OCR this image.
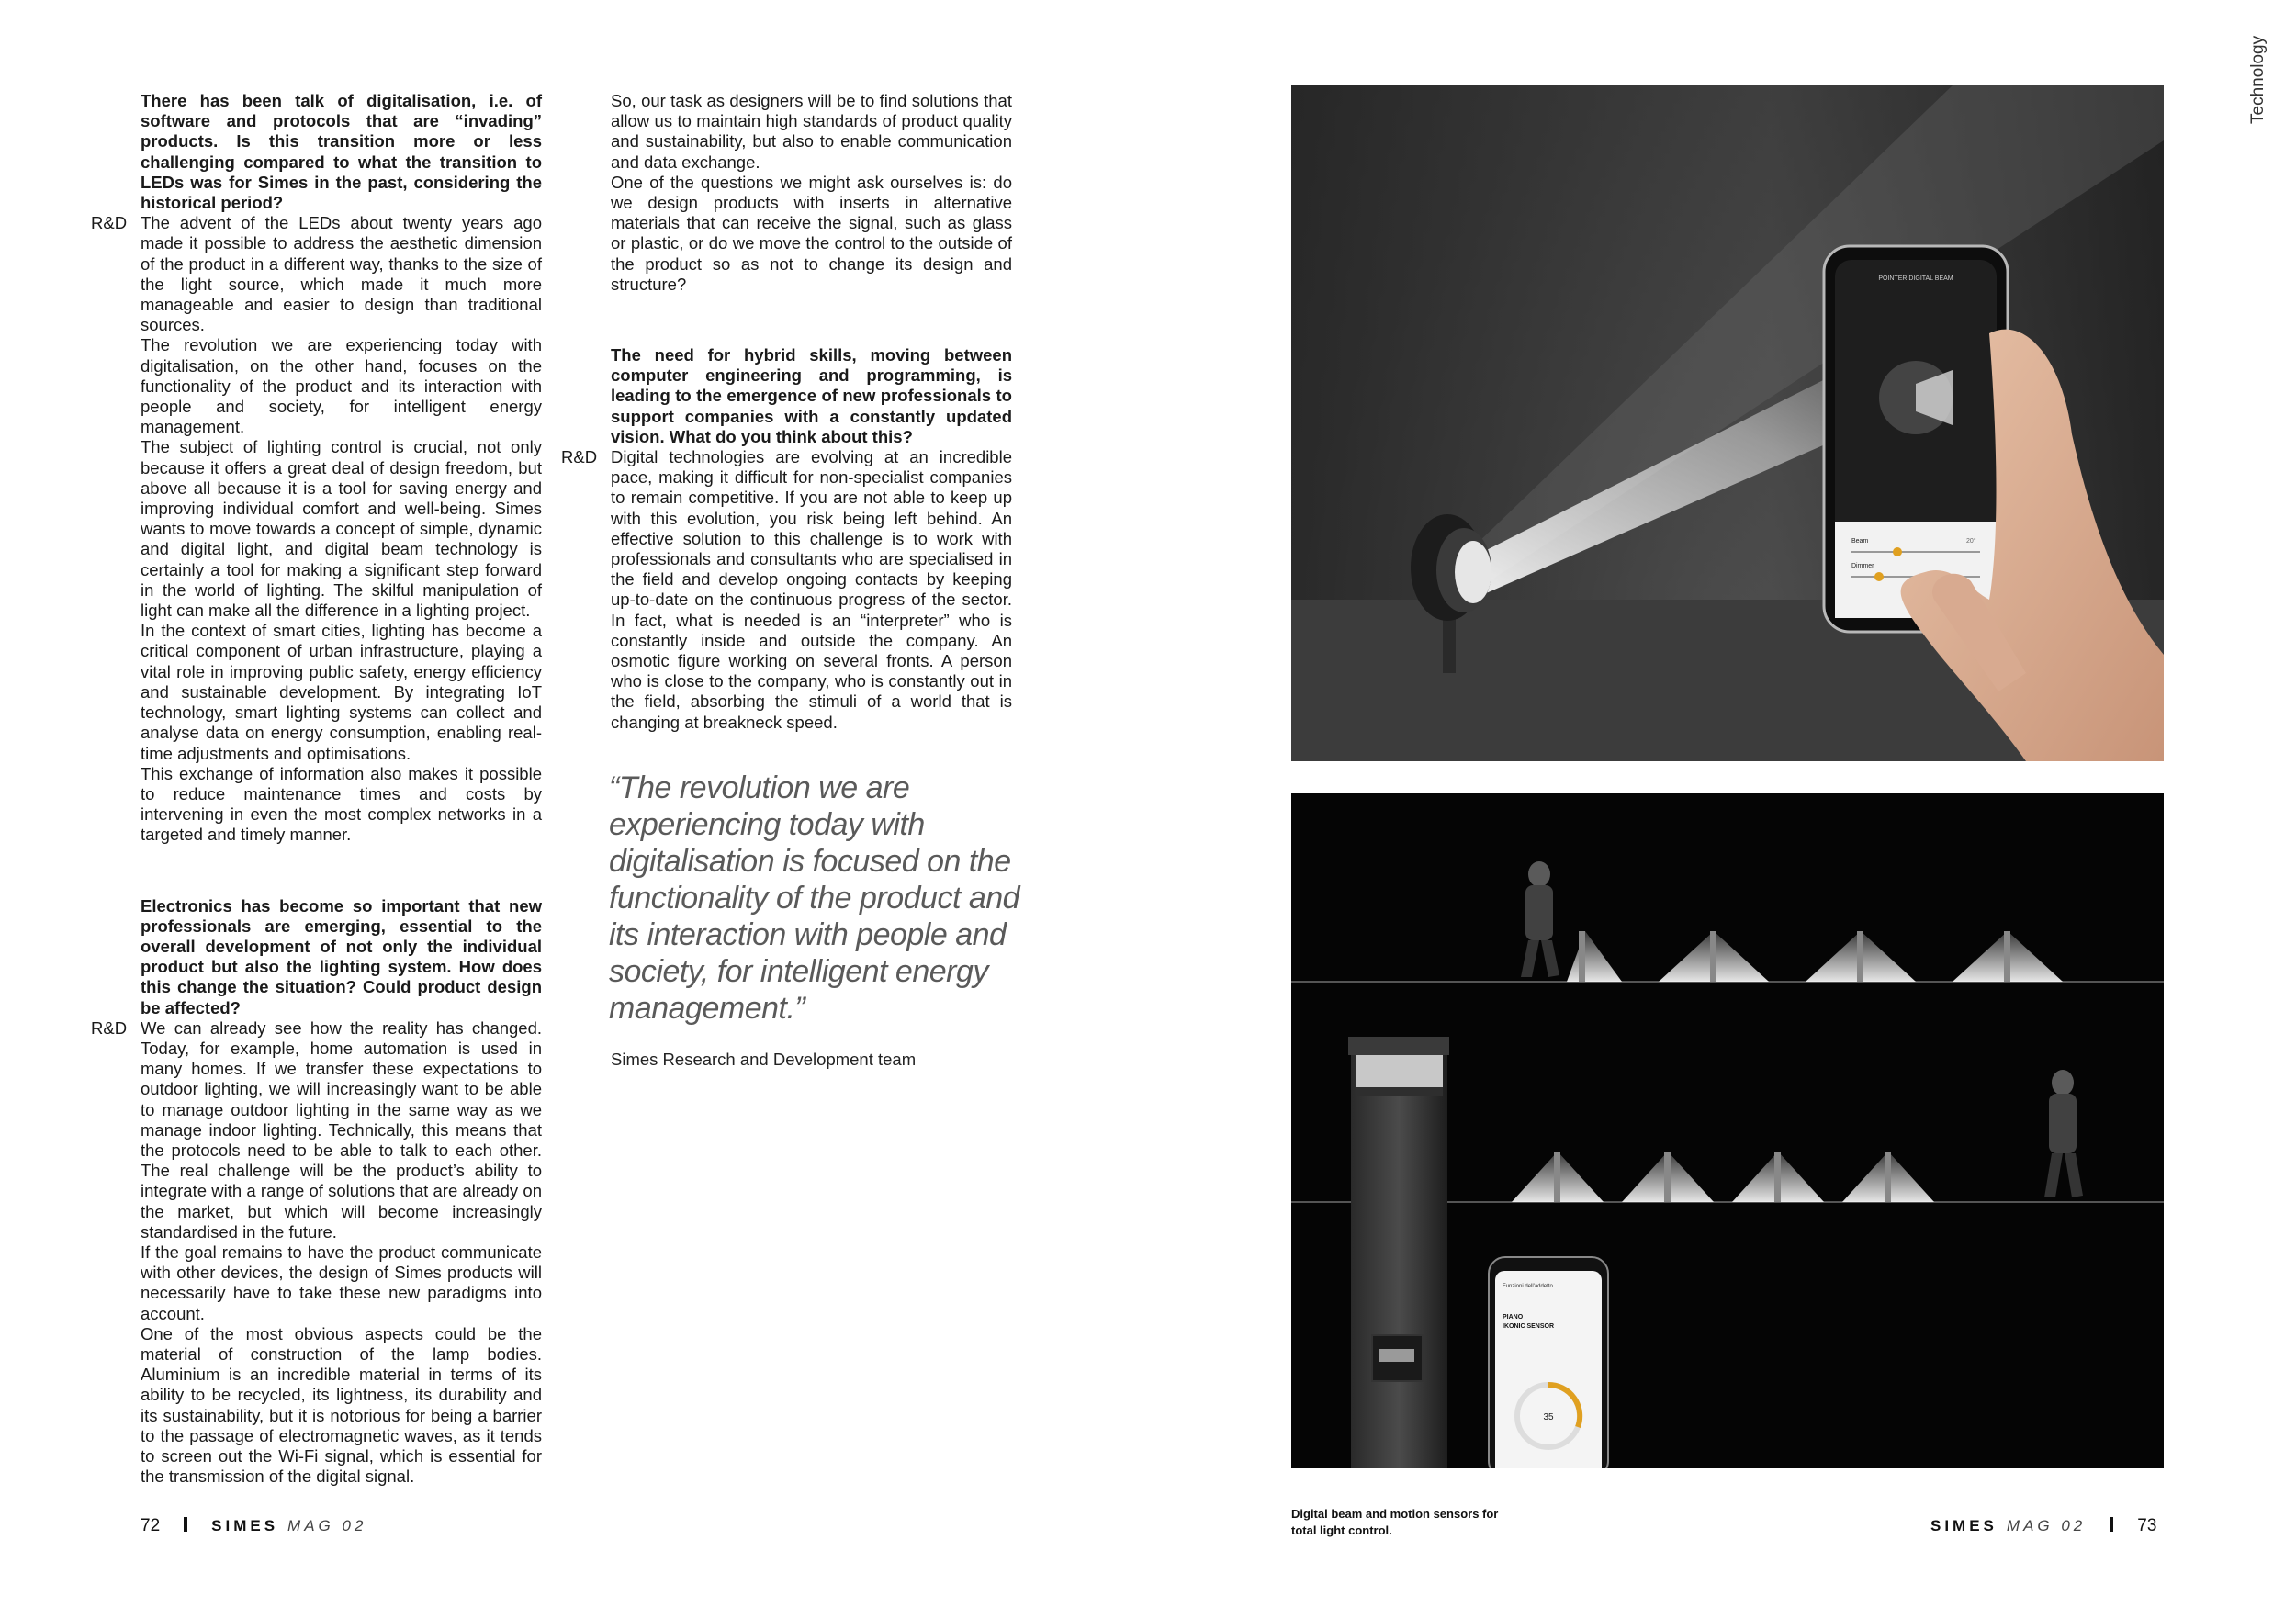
There has been talk of digitalisation, i.e. of software and protocols that are “invading” products. Is this transition more or less challenging compared to what the transition to LEDs was for Simes in the past, considering the historical period?

R&D The advent of the LEDs about twenty years ago made it possible to address the aesthetic dimension of the product in a different way, thanks to the size of the light source, which made it much more manageable and easier to design than traditional sources.

The revolution we are experiencing today with digitalisation, on the other hand, focuses on the functionality of the product and its interaction with people and society, for intelligent energy management.

The subject of lighting control is crucial, not only because it offers a great deal of design freedom, but above all because it is a tool for saving energy and improving individual comfort and well-being. Simes wants to move towards a concept of simple, dynamic and digital light, and digital beam technology is certainly a tool for making a significant step forward in the world of lighting. The skilful manipulation of light can make all the difference in a lighting project.

In the context of smart cities, lighting has become a critical component of urban infrastructure, playing a vital role in improving public safety, energy efficiency and sustainable development. By integrating IoT technology, smart lighting systems can collect and analyse data on energy consumption, enabling real-time adjustments and optimisations.

This exchange of information also makes it possible to reduce maintenance times and costs by intervening in even the most complex networks in a targeted and timely manner.

Electronics has become so important that new professionals are emerging, essential to the overall development of not only the individual product but also the lighting system. How does this change the situation? Could product design be affected?

R&D We can already see how the reality has changed. Today, for example, home automation is used in many homes. If we transfer these expectations to outdoor lighting, we will increasingly want to be able to manage outdoor lighting in the same way as we manage indoor lighting. Technically, this means that the protocols need to be able to talk to each other. The real challenge will be the product’s ability to integrate with a range of solutions that are already on the market, but which will become increasingly standardised in the future.

If the goal remains to have the product communicate with other devices, the design of Simes products will necessarily have to take these new paradigms into account.

One of the most obvious aspects could be the material of construction of the lamp bodies. Aluminium is an incredible material in terms of its ability to be recycled, its lightness, its durability and its sustainability, but it is notorious for being a barrier to the passage of electromagnetic waves, as it tends to screen out the Wi-Fi signal, which is essential for the transmission of the digital signal.

So, our task as designers will be to find solutions that allow us to maintain high standards of product quality and sustainability, but also to enable communication and data exchange.

One of the questions we might ask ourselves is: do we design products with inserts in alternative materials that can receive the signal, such as glass or plastic, or do we move the control to the outside of the product so as not to change its design and structure?

The need for hybrid skills, moving between computer engineering and programming, is leading to the emergence of new professionals to support companies with a constantly updated vision. What do you think about this?

R&D Digital technologies are evolving at an incredible pace, making it difficult for non-specialist companies to remain competitive. If you are not able to keep up with this evolution, you risk being left behind. An effective solution to this challenge is to work with professionals and consultants who are specialised in the field and develop ongoing contacts by keeping up-to-date on the continuous progress of the sector. In fact, what is needed is an “interpreter” who is constantly inside and outside the company. An osmotic figure working on several fronts. A person who is close to the company, who is constantly out in the field, absorbing the stimuli of a world that is changing at breakneck speed.

“The revolution we are experiencing today with digitalisation is focused on the functionality of the product and its interaction with people and society, for intelligent energy management.”
Simes Research and Development team
Technology
POINTER DIGITAL BEAM
Beam	20°
Dimmer
Funzioni dell'addetto
PIANO
IKONIC SENSOR
35
Digital beam and motion sensors for total light control.
72	SIMES MAG 02	SIMES MAG 02	73
